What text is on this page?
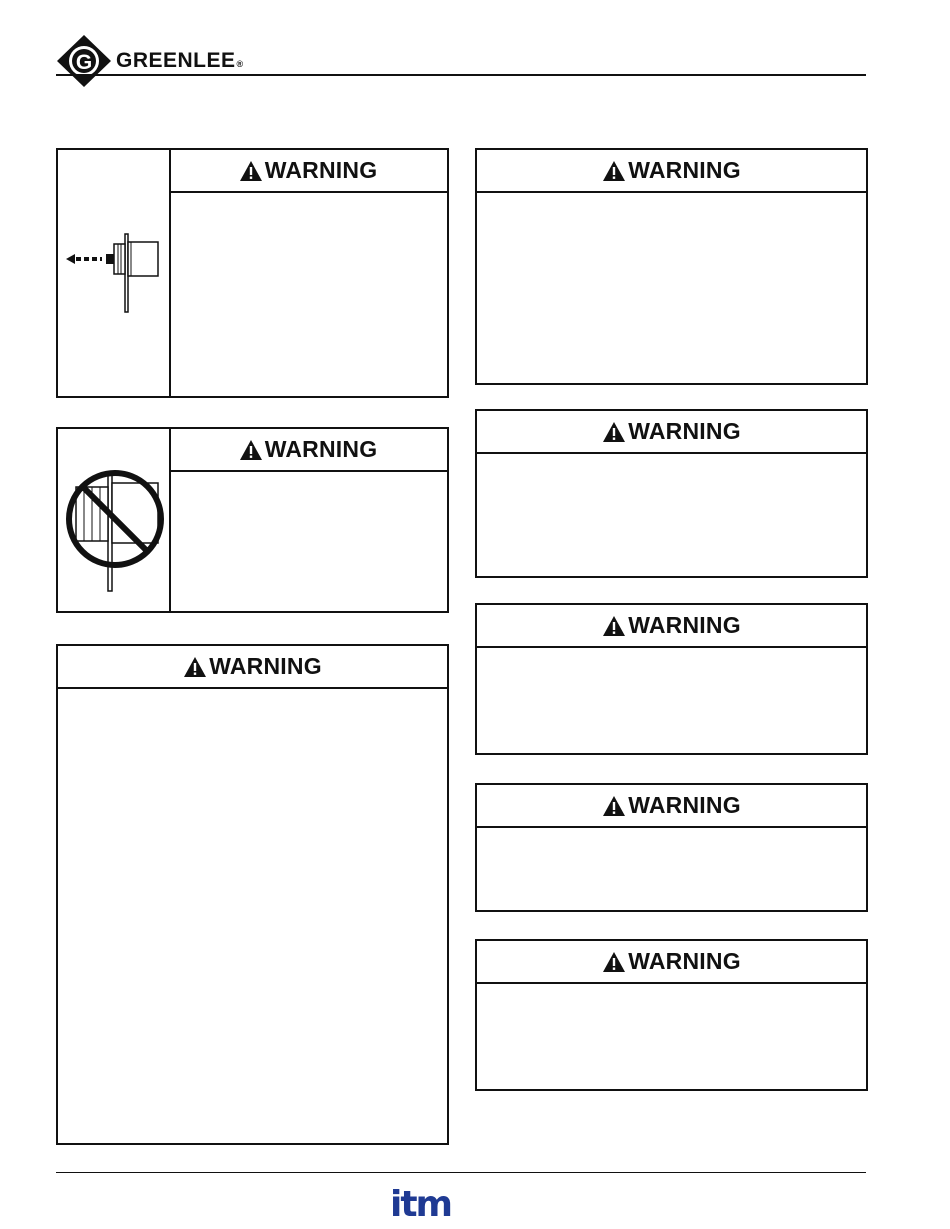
G GREENLEE®
WARNING
WARNING
WARNING
WARNING
WARNING
WARNING
WARNING
WARNING
itm
